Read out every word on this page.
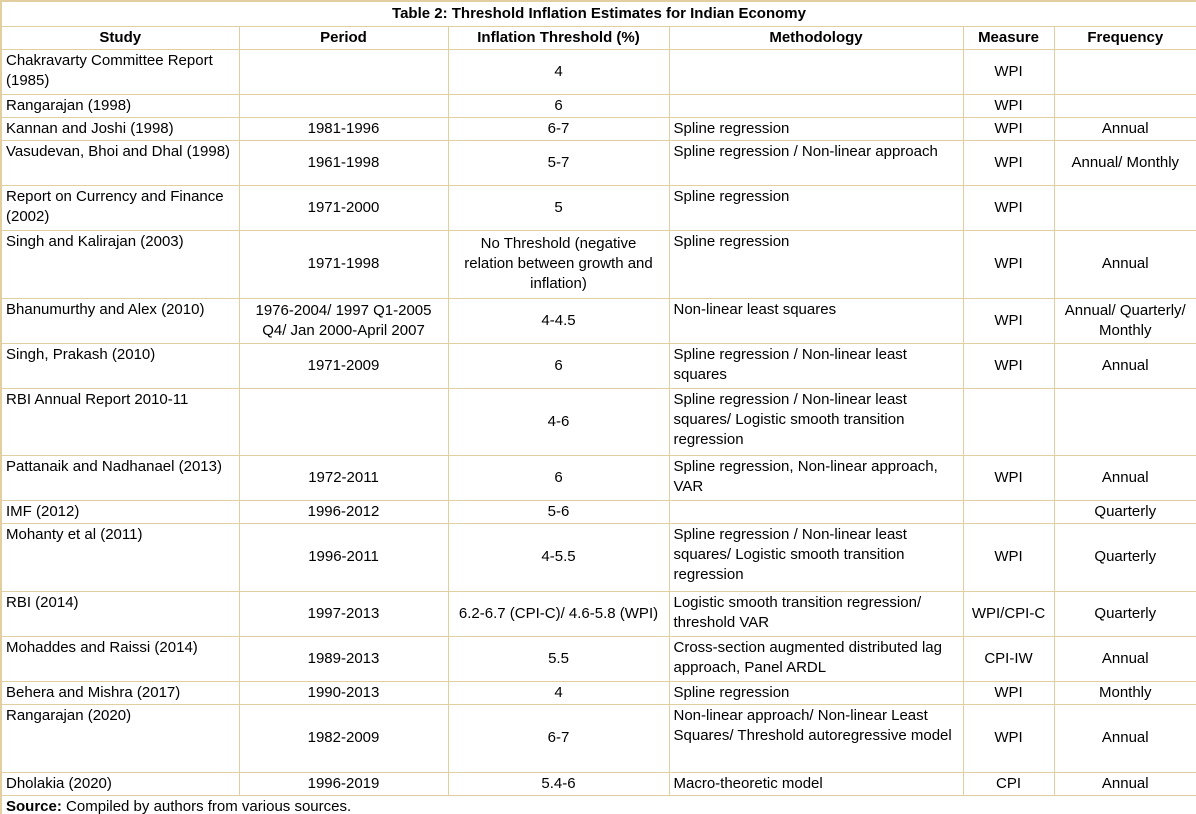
Table 2: Threshold Inflation Estimates for Indian Economy					
Study	Period	Inflation Threshold (%)	Methodology	Measure	Frequency
Chakravarty Committee Report (1985)		4		WPI	
Rangarajan (1998)		6		WPI	
Kannan and Joshi (1998)	1981-1996	6-7	Spline regression	WPI	Annual
Vasudevan, Bhoi and Dhal (1998)	1961-1998	5-7	Spline regression / Non-linear approach	WPI	Annual/ Monthly
Report on Currency and Finance (2002)	1971-2000	5	Spline regression	WPI	
Singh and Kalirajan (2003)	1971-1998	No Threshold (negative relation between growth and inflation)	Spline regression	WPI	Annual
Bhanumurthy and Alex (2010)	1976-2004/ 1997 Q1-2005 Q4/ Jan 2000-April 2007	4-4.5	Non-linear least squares	WPI	Annual/ Quarterly/ Monthly
Singh, Prakash (2010)	1971-2009	6	Spline regression / Non-linear least squares	WPI	Annual
RBI Annual Report 2010-11		4-6	Spline regression / Non-linear least squares/ Logistic smooth transition regression		
Pattanaik and Nadhanael (2013)	1972-2011	6	Spline regression, Non-linear approach, VAR	WPI	Annual
IMF (2012)	1996-2012	5-6			Quarterly
Mohanty et al (2011)	1996-2011	4-5.5	Spline regression / Non-linear least squares/ Logistic smooth transition regression	WPI	Quarterly
RBI (2014)	1997-2013	6.2-6.7 (CPI-C)/ 4.6-5.8 (WPI)	Logistic smooth transition regression/ threshold VAR	WPI/CPI-C	Quarterly
Mohaddes and Raissi (2014)	1989-2013	5.5	Cross-section augmented distributed lag approach, Panel ARDL	CPI-IW	Annual
Behera and Mishra (2017)	1990-2013	4	Spline regression	WPI	Monthly
Rangarajan (2020)	1982-2009	6-7	Non-linear approach/ Non-linear Least Squares/ Threshold autoregressive model	WPI	Annual
Dholakia (2020)	1996-2019	5.4-6	Macro-theoretic model	CPI	Annual
Source: Compiled by authors from various sources.					
